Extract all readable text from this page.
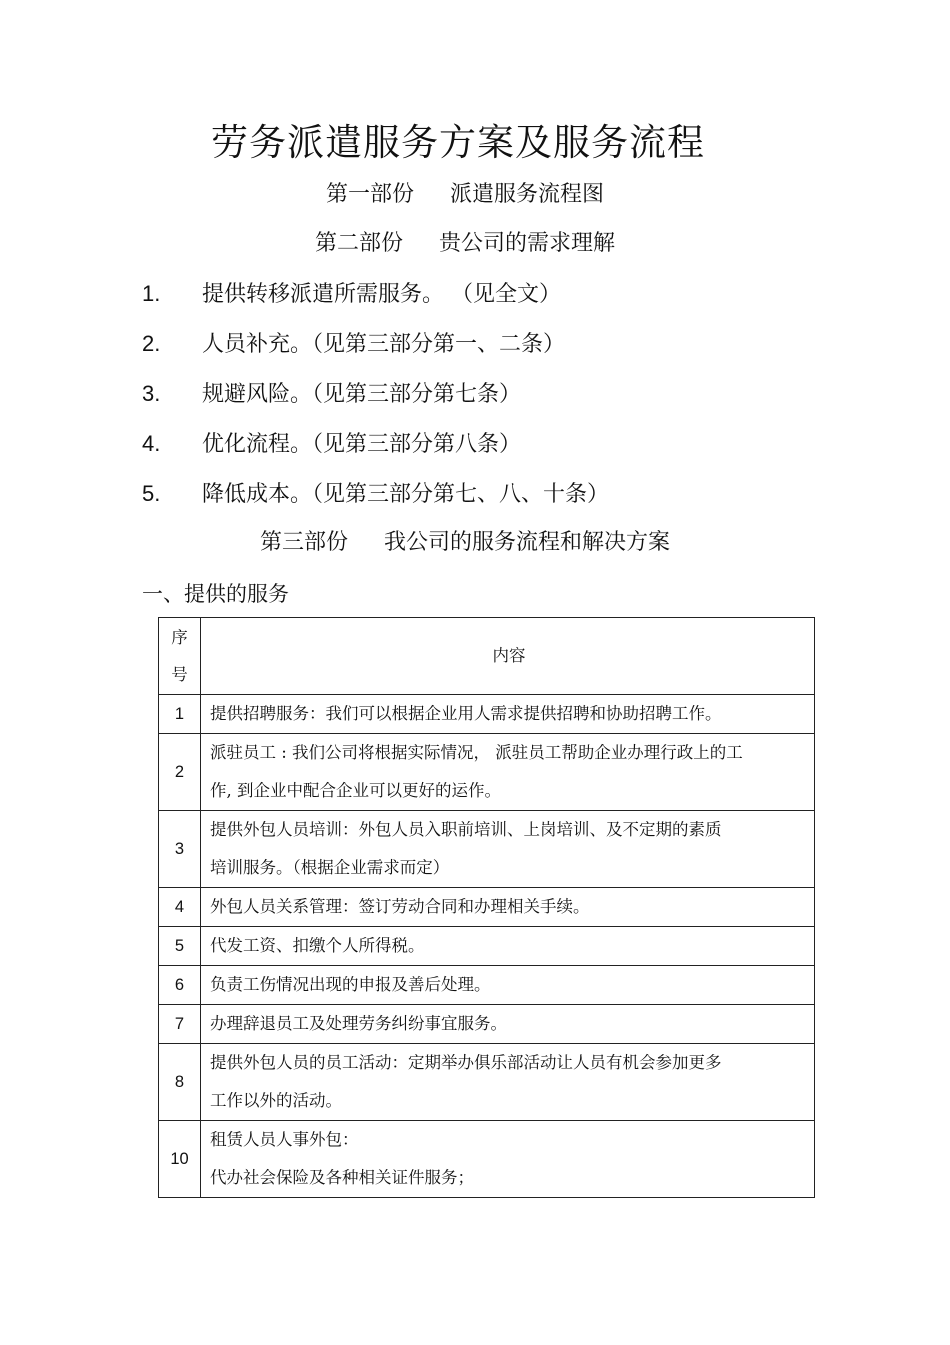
劳务派遣服务方案及服务流程
第一部份 派遣服务流程图
第二部份 贵公司的需求理解
1. 提供转移派遣所需服务。 （见全文）
2. 人员补充。（见第三部分第一、二条）
3. 规避风险。（见第三部分第七条）
4. 优化流程。（见第三部分第八条）
5. 降低成本。（见第三部分第七、八、十条）
第三部份 我公司的服务流程和解决方案
一、提供的服务
序
号	内容
1	提供招聘服务：我们可以根据企业用人需求提供招聘和协助招聘工作。

2	派驻员工 : 我们公司将根据实际情况， 派驻员工帮助企业办理行政上的工
作, 到企业中配合企业可以更好的运作。

3	提供外包人员培训：外包人员入职前培训、上岗培训、及不定期的素质
培训服务。（根据企业需求而定）

4	外包人员关系管理：签订劳动合同和办理相关手续。

5	代发工资、扣缴个人所得税。

6	负责工伤情况出现的申报及善后处理。

7	办理辞退员工及处理劳务纠纷事宜服务。

8	提供外包人员的员工活动：定期举办俱乐部活动让人员有机会参加更多
工作以外的活动。

10	租赁人员人事外包：
代办社会保险及各种相关证件服务；
